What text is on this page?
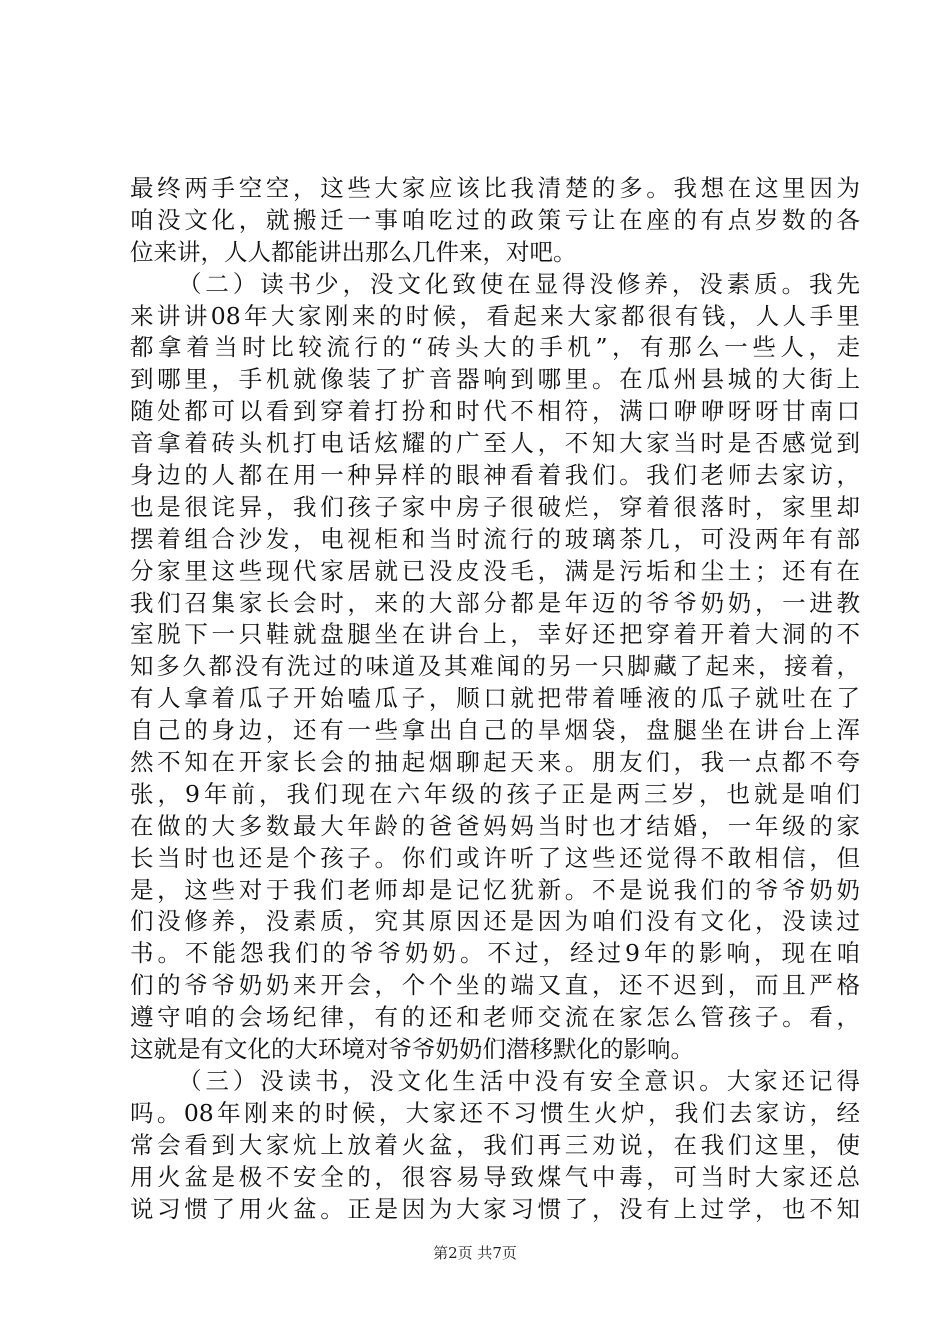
最终两手空空，这些大家应该比我清楚的多。我想在这里因为
咱没文化，就搬迁一事咱吃过的政策亏让在座的有点岁数的各
位来讲，人人都能讲出那么几件来，对吧。
（二）读书少，没文化致使在显得没修养，没素质。我先
来讲讲08年大家刚来的时候，看起来大家都很有钱，人人手里
都拿着当时比较流行的“砖头大的手机”，有那么一些人，走
到哪里，手机就像装了扩音器响到哪里。在瓜州县城的大街上
随处都可以看到穿着打扮和时代不相符，满口咿咿呀呀甘南口
音拿着砖头机打电话炫耀的广至人，不知大家当时是否感觉到
身边的人都在用一种异样的眼神看着我们。我们老师去家访，
也是很诧异，我们孩子家中房子很破烂，穿着很落时，家里却
摆着组合沙发，电视柜和当时流行的玻璃茶几，可没两年有部
分家里这些现代家居就已没皮没毛，满是污垢和尘土；还有在
我们召集家长会时，来的大部分都是年迈的爷爷奶奶，一进教
室脱下一只鞋就盘腿坐在讲台上，幸好还把穿着开着大洞的不
知多久都没有洗过的味道及其难闻的另一只脚藏了起来，接着，
有人拿着瓜子开始嗑瓜子，顺口就把带着唾液的瓜子就吐在了
自己的身边，还有一些拿出自己的旱烟袋，盘腿坐在讲台上浑
然不知在开家长会的抽起烟聊起天来。朋友们，我一点都不夸
张，9年前，我们现在六年级的孩子正是两三岁，也就是咱们
在做的大多数最大年龄的爸爸妈妈当时也才结婚，一年级的家
长当时也还是个孩子。你们或许听了这些还觉得不敢相信，但
是，这些对于我们老师却是记忆犹新。不是说我们的爷爷奶奶
们没修养，没素质，究其原因还是因为咱们没有文化，没读过
书。不能怨我们的爷爷奶奶。不过，经过9年的影响，现在咱
们的爷爷奶奶来开会，个个坐的端又直，还不迟到，而且严格
遵守咱的会场纪律，有的还和老师交流在家怎么管孩子。看，
这就是有文化的大环境对爷爷奶奶们潜移默化的影响。
（三）没读书，没文化生活中没有安全意识。大家还记得
吗。08年刚来的时候，大家还不习惯生火炉，我们去家访，经
常会看到大家炕上放着火盆，我们再三劝说，在我们这里，使
用火盆是极不安全的，很容易导致煤气中毒，可当时大家还总
说习惯了用火盆。正是因为大家习惯了，没有上过学，也不知
第2页 共7页
